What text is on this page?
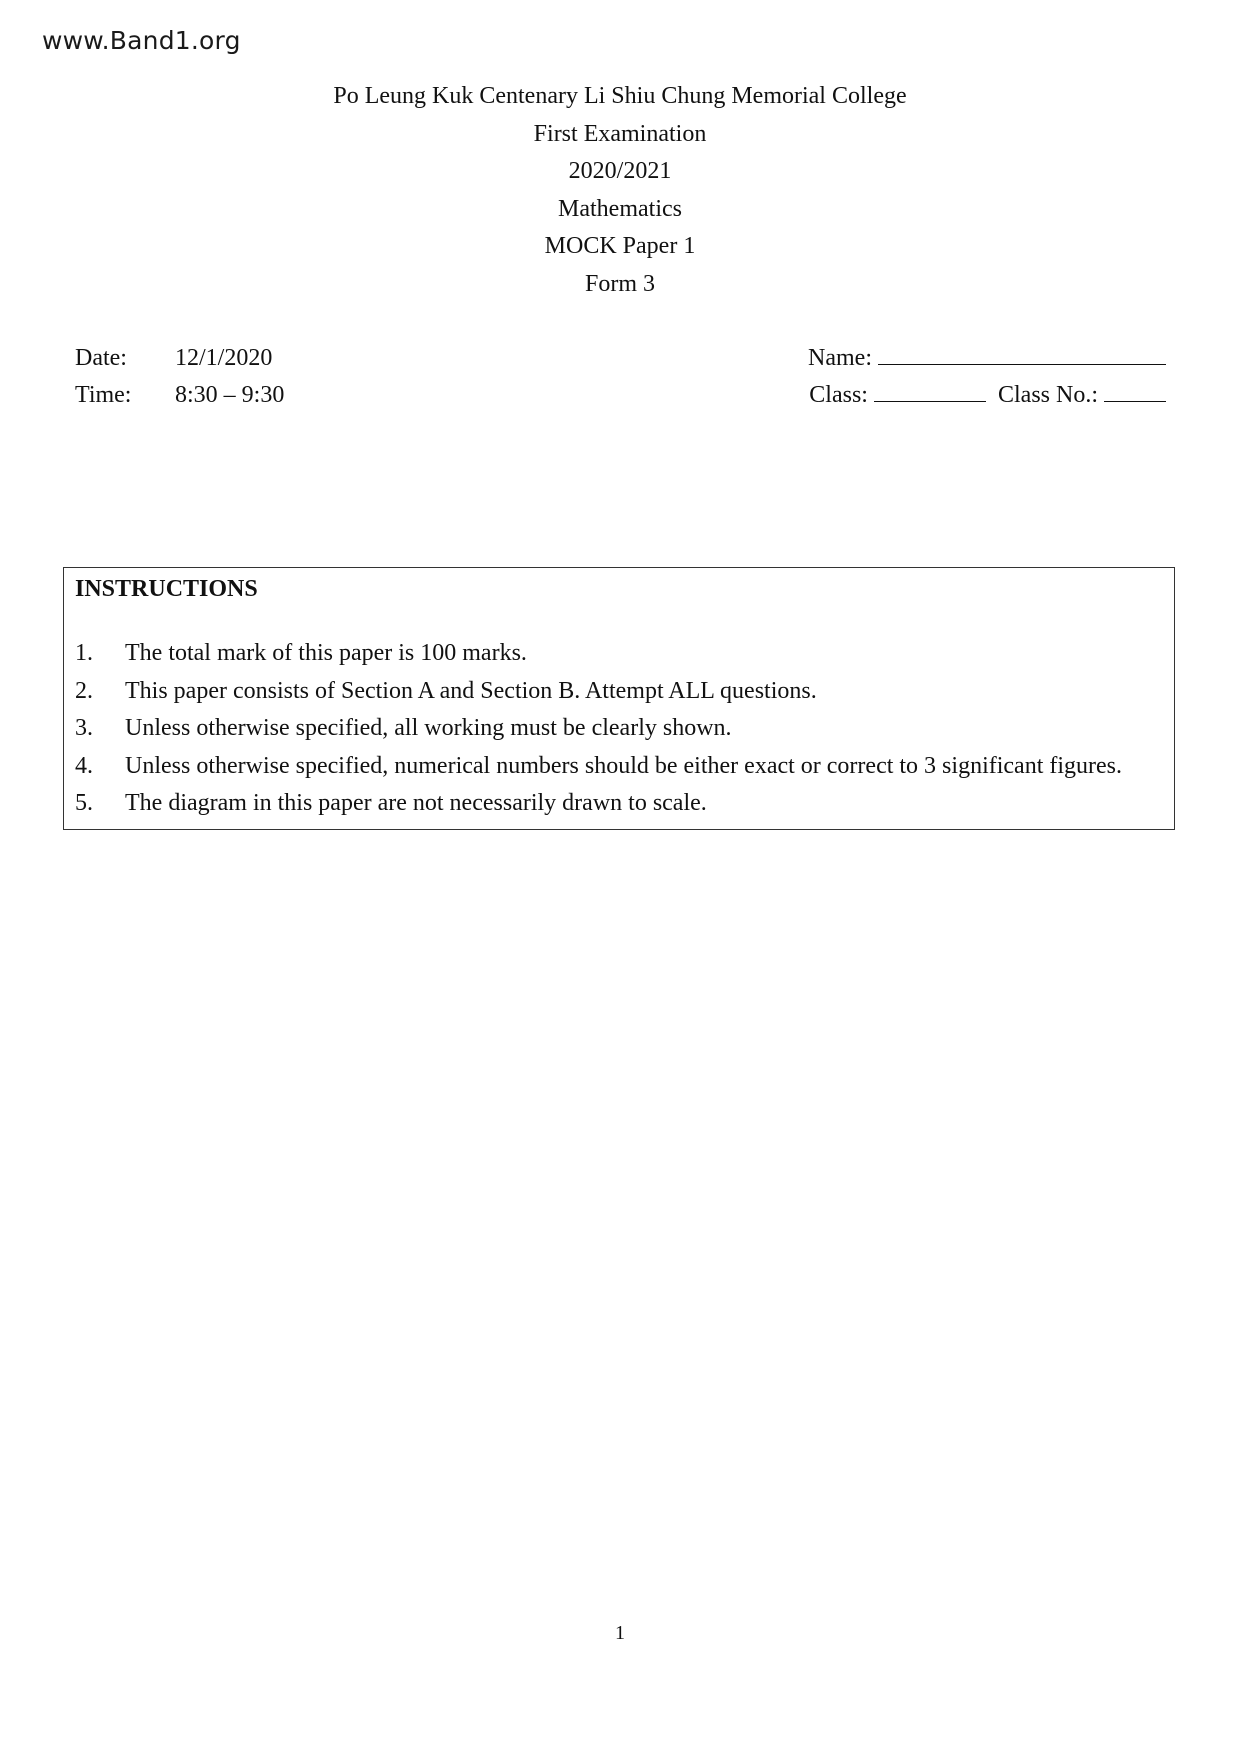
www.Band1.org
Po Leung Kuk Centenary Li Shiu Chung Memorial College
First Examination
2020/2021
Mathematics
MOCK Paper 1
Form 3
Date:	12/1/2020
Time:	8:30 – 9:30
Name:
Class:	Class No.:
INSTRUCTIONS
1.	The total mark of this paper is 100 marks.
2.	This paper consists of Section A and Section B. Attempt ALL questions.
3.	Unless otherwise specified, all working must be clearly shown.
4.	Unless otherwise specified, numerical numbers should be either exact or correct to 3 significant figures.
5.	The diagram in this paper are not necessarily drawn to scale.
1
